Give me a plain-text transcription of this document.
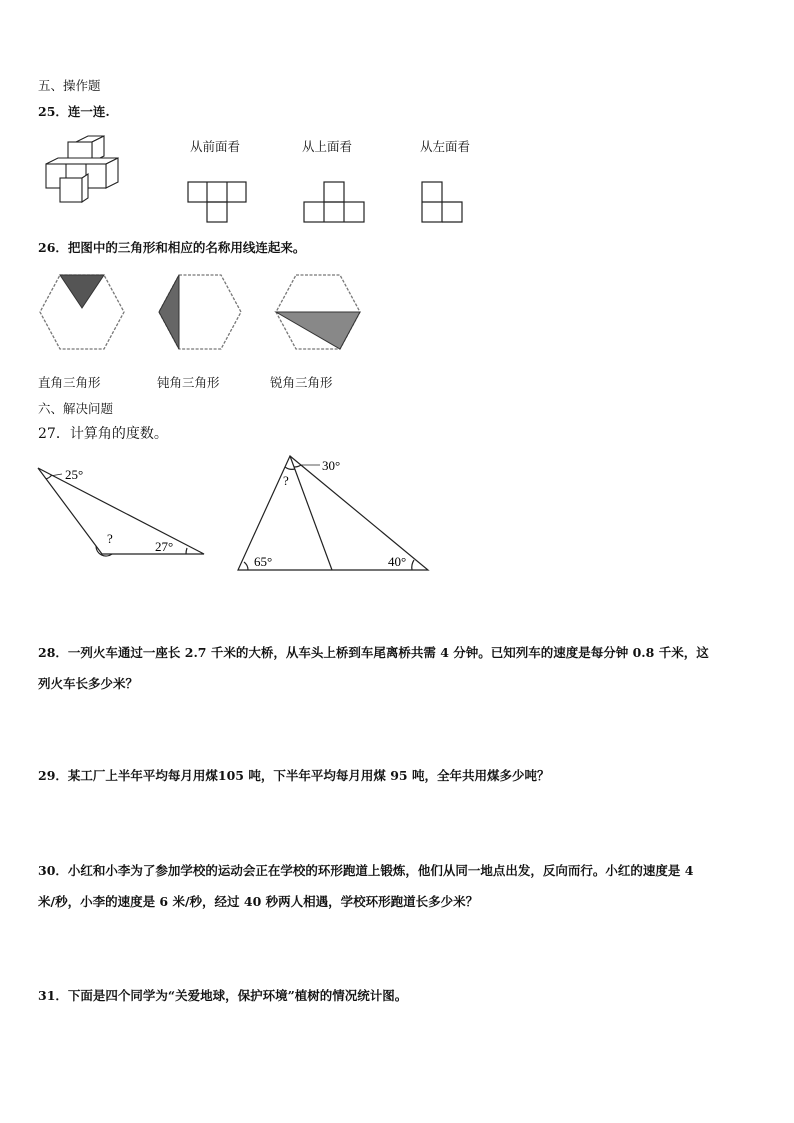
五、操作题
25．连一连.
从前面看	从上面看	从左面看
26．把图中的三角形和相应的名称用线连起来。
直角三角形	钝角三角形	锐角三角形
六、解决问题
27．计算角的度数。
25°
?
27°
30°
?
65°	40°
28．一列火车通过一座长 2.7 千米的大桥，从车头上桥到车尾离桥共需 4 分钟。已知列车的速度是每分钟 0.8 千米，这
列火车长多少米？
29．某工厂上半年平均每月用煤105 吨，下半年平均每月用煤 95 吨，全年共用煤多少吨？
30．小红和小李为了参加学校的运动会正在学校的环形跑道上锻炼，他们从同一地点出发，反向而行。小红的速度是 4
米/秒，小李的速度是 6 米/秒，经过 40 秒两人相遇，学校环形跑道长多少米？
31．下面是四个同学为“关爱地球，保护环境”植树的情况统计图。
